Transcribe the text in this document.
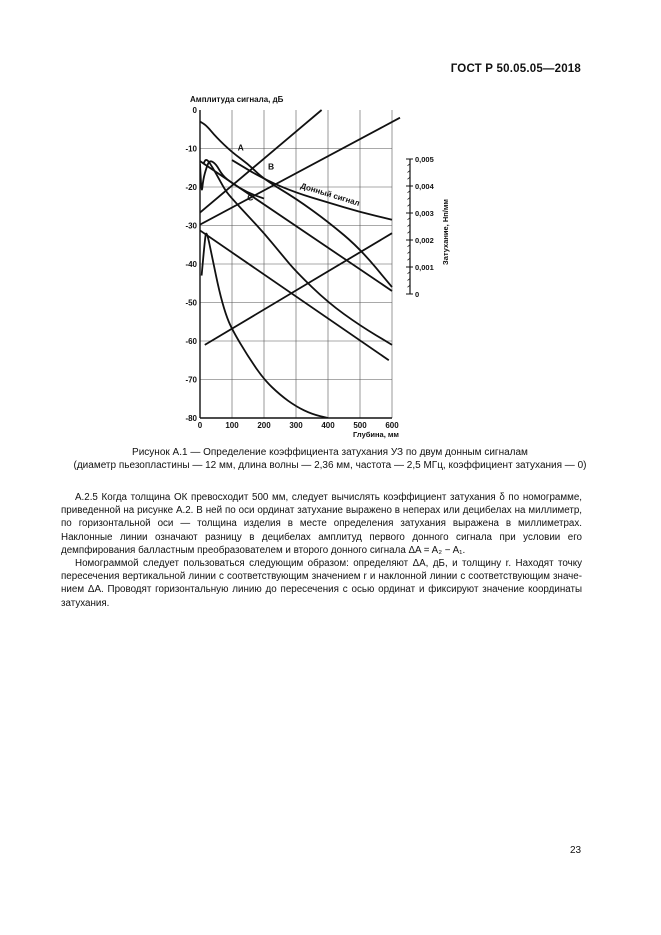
ГОСТ Р 50.05.05—2018
0	100 200 300 400 500 600
0
-10
-20
-30
-40
-50
-60
-70
-80
Амплитуда сигнала, дБ
Глубина, мм
0,005
0,004
0,003
0,002
0,001
0
Затухание, Нп/мм
A
B
C	Донный сигнал
Рисунок А.1 — Определение коэффициента затухания УЗ по двум донным сигналам
(диаметр пьезопластины — 12 мм, длина волны — 2,36 мм, частота — 2,5 МГц, коэффициент затухания — 0)

А.2.5 Когда толщина ОК превосходит 500 мм, следует вычислять коэффициент затухания δ по номограмме, приведенной на рисунке А.2. В ней по оси ординат затухание выражено в неперах или децибелах на миллиметр, по горизонтальной оси — толщина изделия в месте определения затухания выражена в миллиметрах. Наклонные линии означают разницу в децибелах амплитуд первого донного сигнала при условии его демпфирования балластным преобразователем и второго донного сигнала ΔA = A₂ − A₁.

Номограммой следует пользоваться следующим образом: определяют ΔA, дБ, и толщину r. Находят точку пересечения вертикальной линии с соответствующим значением r и наклонной линии с соответствующим значением ΔA. Проводят горизонтальную линию до пересечения с осью ординат и фиксируют значение координаты затухания.

23
